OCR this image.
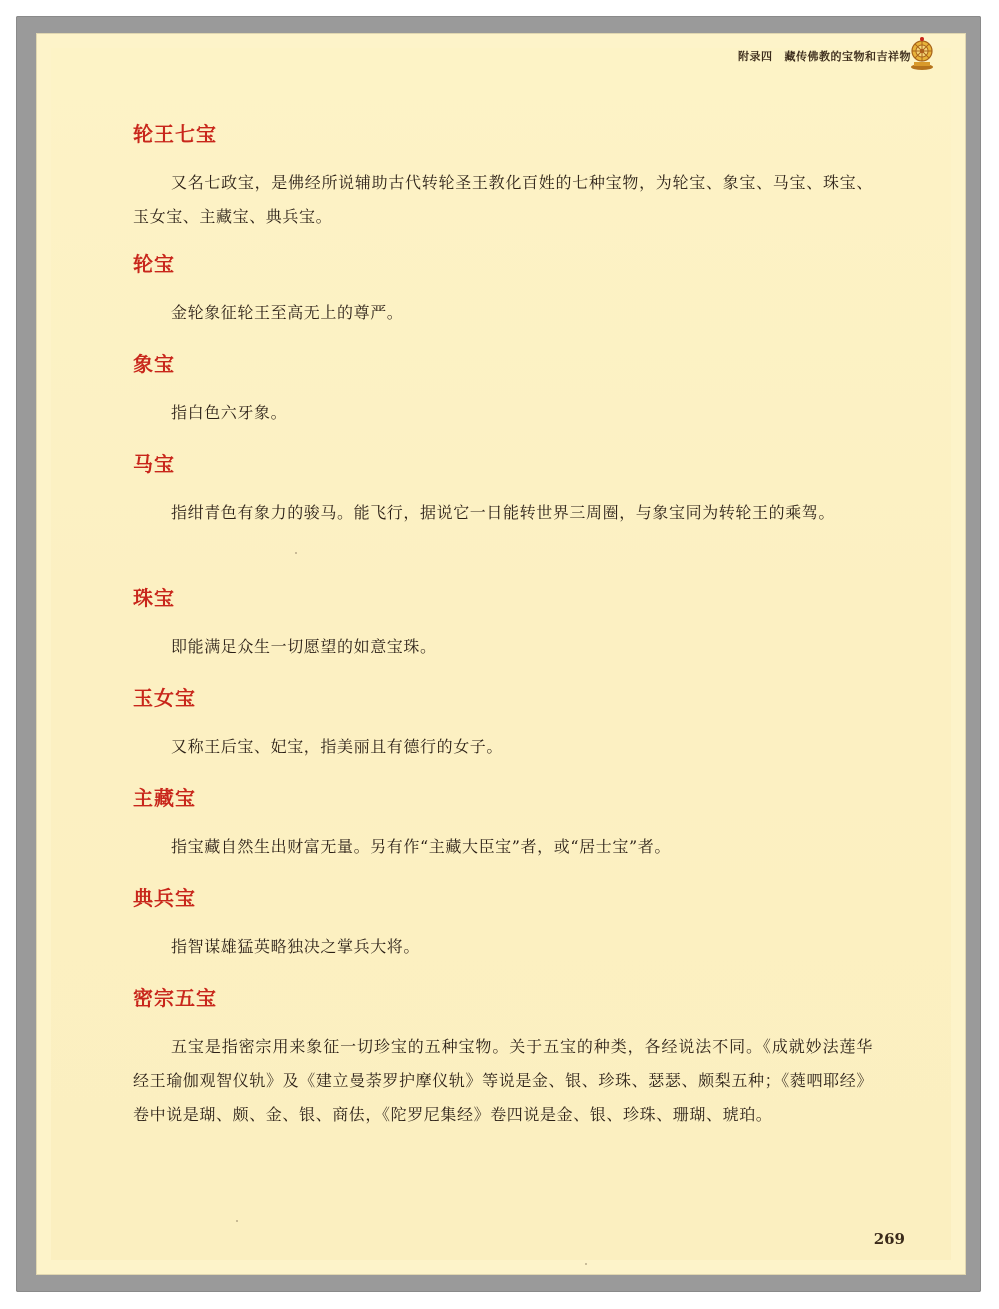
附录四 藏传佛教的宝物和吉祥物
轮王七宝

又名七政宝，是佛经所说辅助古代转轮圣王教化百姓的七种宝物，为轮宝、象宝、马宝、珠宝、玉女宝、主藏宝、典兵宝。

轮宝

金轮象征轮王至高无上的尊严。

象宝

指白色六牙象。

马宝

指绀青色有象力的骏马。能飞行，据说它一日能转世界三周圈，与象宝同为转轮王的乘驾。

珠宝

即能满足众生一切愿望的如意宝珠。

玉女宝

又称王后宝、妃宝，指美丽且有德行的女子。

主藏宝

指宝藏自然生出财富无量。另有作“主藏大臣宝”者，或“居士宝”者。

典兵宝

指智谋雄猛英略独决之掌兵大将。

密宗五宝

五宝是指密宗用来象征一切珍宝的五种宝物。关于五宝的种类，各经说法不同。《成就妙法莲华经王瑜伽观智仪轨》及《建立曼荼罗护摩仪轨》等说是金、银、珍珠、瑟瑟、颇梨五种；《蕤呬耶经》卷中说是瑚、颇、金、银、商佉，《陀罗尼集经》卷四说是金、银、珍珠、珊瑚、琥珀。

269
